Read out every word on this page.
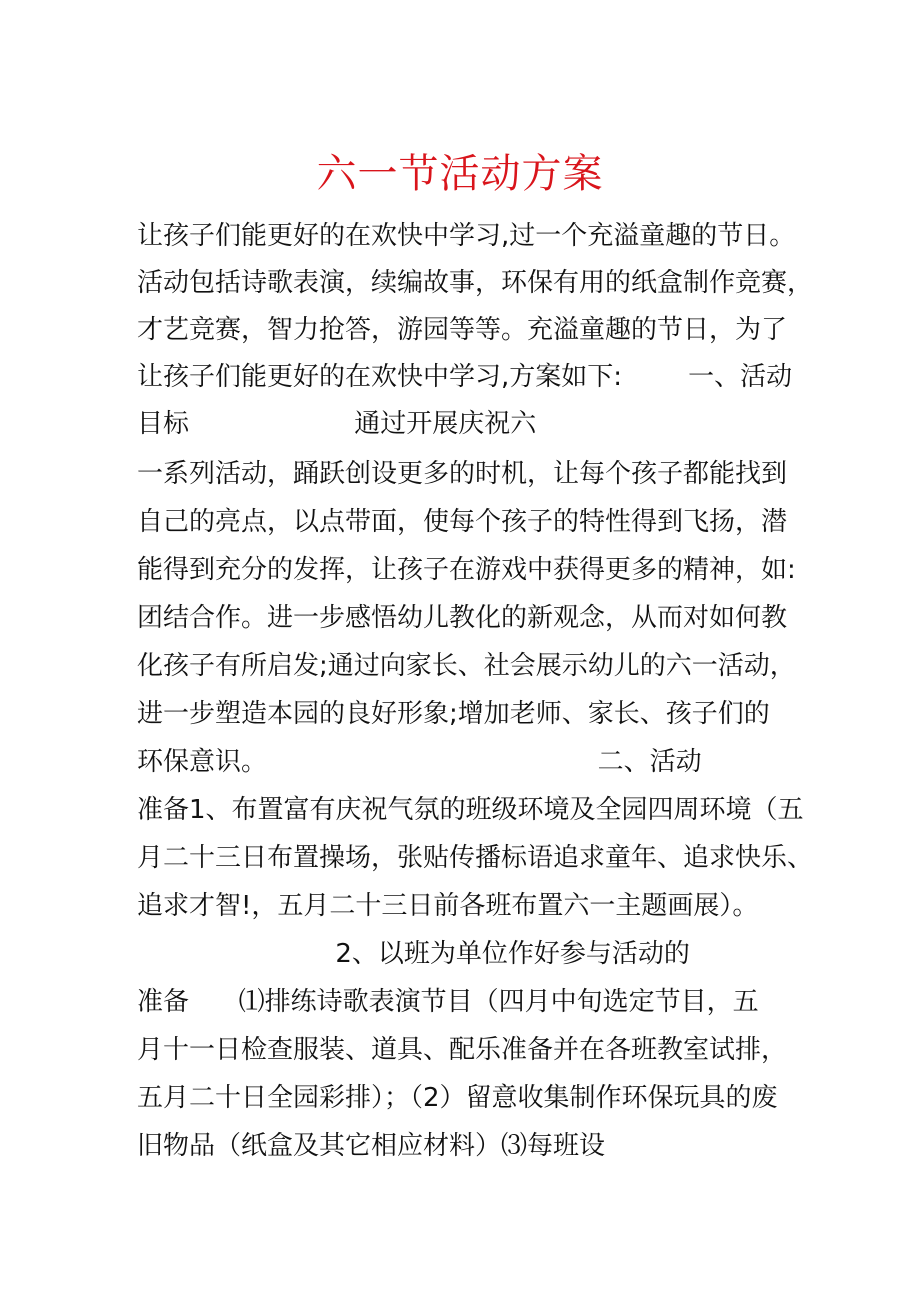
六一节活动方案
让孩子们能更好的在欢快中学习,过一个充溢童趣的节日。
活动包括诗歌表演，续编故事，环保有用的纸盒制作竞赛，
才艺竞赛，智力抢答，游园等等。充溢童趣的节日，为了
让孩子们能更好的在欢快中学习,方案如下:        一、活动
目标                    通过开展庆祝六
一系列活动，踊跃创设更多的时机，让每个孩子都能找到
自己的亮点，以点带面，使每个孩子的特性得到飞扬，潜
能得到充分的发挥，让孩子在游戏中获得更多的精神，如:
团结合作。进一步感悟幼儿教化的新观念，从而对如何教
化孩子有所启发;通过向家长、社会展示幼儿的六一活动，
进一步塑造本园的良好形象;增加老师、家长、孩子们的
环保意识。                                        二、活动
准备1、布置富有庆祝气氛的班级环境及全园四周环境（五
月二十三日布置操场，张贴传播标语追求童年、追求快乐、
追求才智!，五月二十三日前各班布置六一主题画展）。
2、以班为单位作好参与活动的
准备      ⑴排练诗歌表演节目（四月中旬选定节目，五
月十一日检查服装、道具、配乐准备并在各班教室试排，
五月二十日全园彩排）；（2）留意收集制作环保玩具的废
旧物品（纸盒及其它相应材料）⑶每班设
